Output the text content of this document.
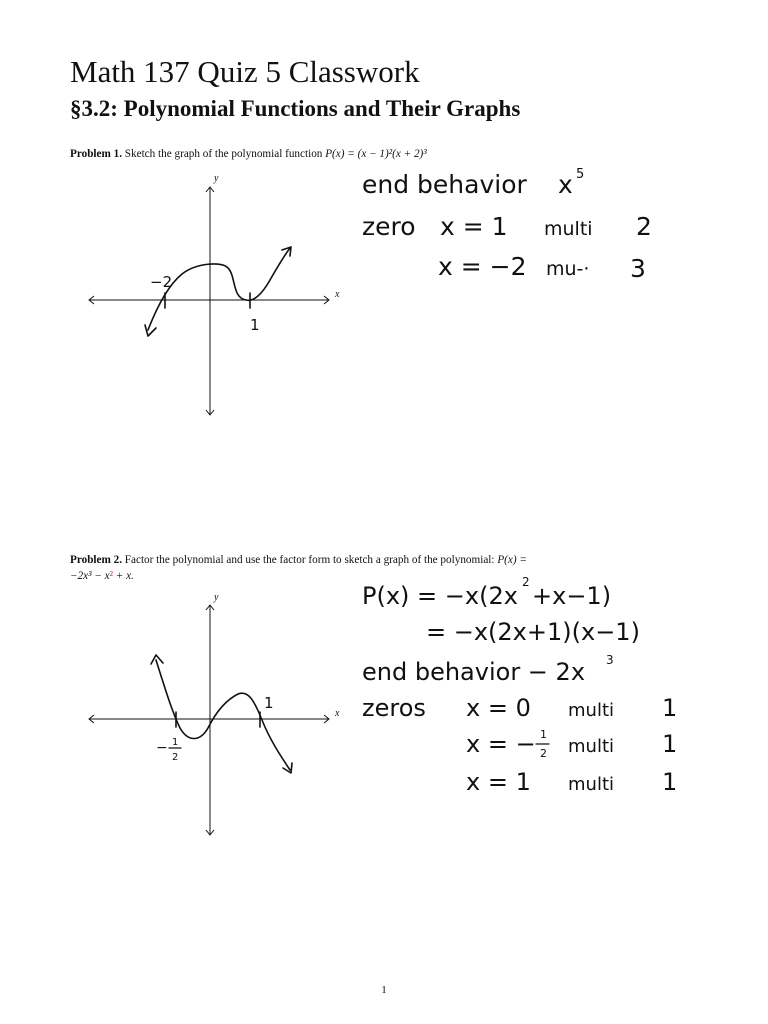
Math 137 Quiz 5 Classwork
§3.2: Polynomial Functions and Their Graphs
Problem 1. Sketch the graph of the polynomial function P(x) = (x − 1)²(x + 2)³
Problem 2. Factor the polynomial and use the factor form to sketch a graph of the polynomial: P(x) =
−2x³ − x² + x.
x
y
−2
1
end behavior x 5
zero x = 1 multi 2
x = −2 mu-· 3
x
y
− 1
2
1
P(x) = −x(2x 2 +x−1)
= −x(2x+1)(x−1)
end behavior − 2x 3
zeros x = 0 multi 1
x = − 1
2 multi 1
x = 1 multi 1
1
